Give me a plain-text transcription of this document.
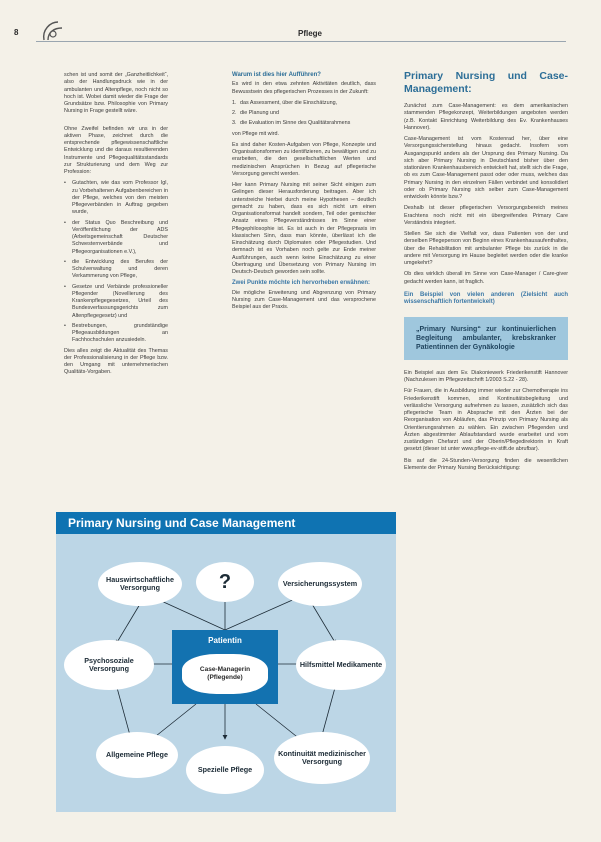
8	Pflege

schen ist und somit der „Ganzheitlichkeit“, also der Handlungsdruck wie in der ambulanten und Altenpflege, noch nicht so hoch ist. Wobei damit wieder die Frage der Grundsätze bzw. Philosophie von Primary Nursing in Frage gestellt wäre.

Ohne Zweifel befinden wir uns in der aktiven Phase, zeichnet durch die entsprechende pflegewissenschaftliche Entwicklung und die daraus resultierenden Instrumente und Pflegequalitätsstandards zur Strukturierung und dem Weg zur Profession:

• Gutachten, wie das vom Professor Igl, zu Vorbehaltenen Aufgabenbereichen in der Pflege, welches von den meisten Pflegeverbänden in Auftrag gegeben wurde,
• der Status Quo Beschreibung und Veröffentlichung der ADS (Arbeitsgemeinschaft Deutscher Schwesternverbände und Pflegeorganisationen e.V.),
• die Entwicklung des Berufes der Schulverwaltung und deren Verkammerung von Pflege,
• Gesetze und Verbände professioneller Pflegender (Novellierung des Krankenpflegegesetzes, Urteil des Bundesverfassungsgerichts zum Altenpflegegesetz) und
• Bestrebungen, grundständige Pflegeausbildungen an Fachhochschulen anzusiedeln.

Dies alles zeigt die Aktualität des Themas der Professionalisierung in der Pflege bzw. den Umgang mit unternehmerischen Qualitäts-Vorgaben.

Warum ist dies hier Aufführen?

Es wird in den etwa zehnten Aktivitäten deutlich, dass Bewusstsein des pflegerischen Prozesses in der Zukunft:

1. das Assessment, über die Einschätzung,
2. die Planung und
3. die Evaluation im Sinne des Qualitätsrahmens

von Pflege mit wird.

Es sind daher Kosten-Aufgaben von Pflege, Konzepte und Organisationsformen zu identifizieren, zu bewältigen und zu erarbeiten, die den gesellschaftlichen Werten und medizinischen Ansprüchen in Bezug auf pflegerische Versorgung gerecht werden.

Hier kann Primary Nursing mit seiner Sicht einigen zum Gelingen dieser Herausforderung beitragen. Aber ich unterstreiche hierbei durch meine Hypothesen – deutlich gemacht zu haben, dass es sich nicht um einen Organisationsformat handelt sondern, Teil oder gemischter Ansatz eines Pflegeverständnisses im Sinne einer Pflegephilosophie ist. Es ist auch in der Pflegepraxis im klassischen Sinn, dass man könnte, überlässt ich die Einschätzung durch Diplomaten oder Pflegestudien. Und demnach ist es Vorhaben noch gelte zur Ende meiner Ausführungen, auch wenn keine Einschätzung zu einer Übertragung und Übersetzung von Primary Nursing im Deutsch-Deutsch geworden sein sollte.

Zwei Punkte möchte ich hervorheben erwähnen:

Die mögliche Erweiterung und Abgrenzung von Primary Nursing zum Case-Management und das versprochene Beispiel aus der Praxis.

Primary Nursing und Case-Management:

Zunächst zum Case-Management: es dem amerikanischen stammenden Pflegekonzept, Weiterbildungen angeboten werden (z.B. Kontakt Einrichtung Weiterbildung des Ev. Krankenhauses Hannover).

Case-Management ist vom Kostenrad her, über eine Versorgungssicherstellung hinaus gedacht. Insofern vom Ausgangspunkt anders als der Ursprung des Primary Nursing. Da sich aber Primary Nursing in Deutschland bisher über den stationären Krankenhausbereich entwickelt hat, stellt sich die Frage, ob es zum Case-Management passt oder oder muss, welches das Primary Nursing in den einzelnen Fällen verbindet und konsolidiert oder ob Primary Nursing sich selber zum Case-Management entwickeln könnte bzw.?

Deshalb ist dieser pflegerischen Versorgungsbereich meines Erachtens noch nicht mit ein übergreifendes Primary Care Verständnis integriert.

Stellen Sie sich die Vielfalt vor, dass Patienten von der und derselben Pflegeperson von Beginn eines Krankenhausaufenthaltes, über die Rehabilitation mit ambulanter Pflege bis zurück in die andere mit Versorgung im Hause begleitet werden oder die kranke umgekehrt?

Ob dies wirklich überall im Sinne von Case-Manager / Care-giver gedacht werden kann, ist fraglich.

Ein Beispiel von vielen anderen (Zielsicht auch wissenschaftlich fortentwickelt)
„Primary Nursing“ zur kontinuierlichen Begleitung ambulanter, krebskranker Patientinnen der Gynäkologie

Ein Beispiel aus dem Ev. Diakoniewerk Friederikenstift Hannover (Nachzulesen im Pflegezeitschrift 1/2003 S.22 - 28).

Für Frauen, die in Ausbildung immer wieder zur Chemotherapie ins Friederikenstift kommen, sind Kontinuitätsbegleitung und verlässliche Versorgung aufnehmen zu lassen, zusätzlich sich das pflegerische Team in Absprache mit den Ärzten bei der Reorganisation von Abläufen, das Prinzip von Primary Nursing als Orientierungsrahmen zu wählen. Ein zwischen Pflegenden und Ärzten abgestimmter Ablaufstandard wurde erarbeitet und vom zuständigen Chefarzt und der Oberin/Pflegedirektorin in Kraft gesetzt (dieser ist unter www.pflege-ev-stift.de abrufbar).

Bis auf die 24-Stunden-Versorgung finden die wesentlichen Elemente der Primary Nursing Berücksichtigung:

Primary Nursing und Case Management
Hauswirtschaftliche Versorgung	?	Versicherungssystem
Psychosoziale Versorgung	Hilfsmittel Medikamente
Allgemeine Pflege
Spezielle Pflege
Kontinuität medizinischer Versorgung
Patientin
Case-Managerin
(Pflegende)
